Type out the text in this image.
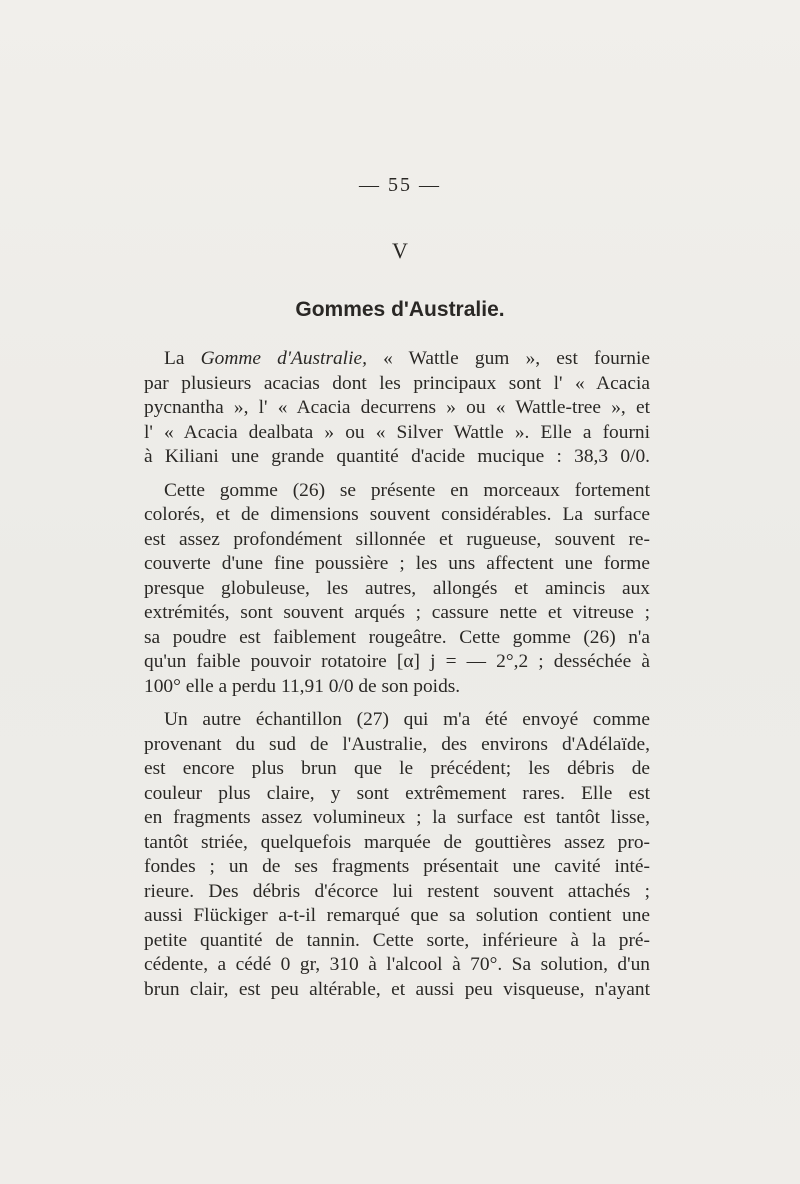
— 55 —
V
Gommes d'Australie.
La Gomme d'Australie, « Wattle gum », est fournie
par plusieurs acacias dont les principaux sont l' « Acacia
pycnantha », l' « Acacia decurrens » ou « Wattle-tree », et
l' « Acacia dealbata » ou « Silver Wattle ». Elle a fourni
à Kiliani une grande quantité d'acide mucique : 38,3 0/0.
Cette gomme (26) se présente en morceaux fortement
colorés, et de dimensions souvent considérables. La surface
est assez profondément sillonnée et rugueuse, souvent re-
couverte d'une fine poussière ; les uns affectent une forme
presque globuleuse, les autres, allongés et amincis aux
extrémités, sont souvent arqués ; cassure nette et vitreuse ;
sa poudre est faiblement rougeâtre. Cette gomme (26) n'a
qu'un faible pouvoir rotatoire [α] j = — 2°,2 ; desséchée à
100° elle a perdu 11,91 0/0 de son poids.
Un autre échantillon (27) qui m'a été envoyé comme
provenant du sud de l'Australie, des environs d'Adélaïde,
est encore plus brun que le précédent; les débris de
couleur plus claire, y sont extrêmement rares. Elle est
en fragments assez volumineux ; la surface est tantôt lisse,
tantôt striée, quelquefois marquée de gouttières assez pro-
fondes ; un de ses fragments présentait une cavité inté-
rieure. Des débris d'écorce lui restent souvent attachés ;
aussi Flückiger a-t-il remarqué que sa solution contient une
petite quantité de tannin. Cette sorte, inférieure à la pré-
cédente, a cédé 0 gr, 310 à l'alcool à 70°. Sa solution, d'un
brun clair, est peu altérable, et aussi peu visqueuse, n'ayant
